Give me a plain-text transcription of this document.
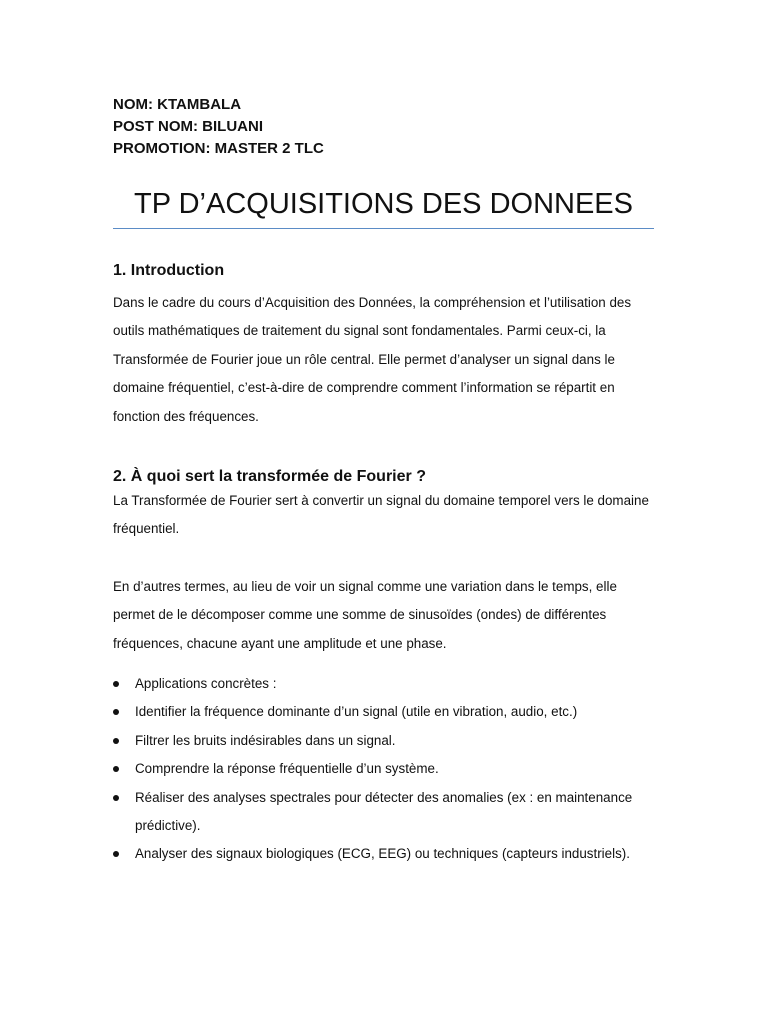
NOM: KTAMBALA
POST NOM: BILUANI
PROMOTION: MASTER 2 TLC
TP D’ACQUISITIONS DES DONNEES
1. Introduction

Dans le cadre du cours d’Acquisition des Données, la compréhension et l’utilisation des outils mathématiques de traitement du signal sont fondamentales. Parmi ceux-ci, la Transformée de Fourier joue un rôle central. Elle permet d’analyser un signal dans le domaine fréquentiel, c’est-à-dire de comprendre comment l’information se répartit en fonction des fréquences.

2. À quoi sert la transformée de Fourier ?

La Transformée de Fourier sert à convertir un signal du domaine temporel vers le domaine fréquentiel.

En d’autres termes, au lieu de voir un signal comme une variation dans le temps, elle permet de le décomposer comme une somme de sinusoïdes (ondes) de différentes fréquences, chacune ayant une amplitude et une phase.

Applications concrètes :
Identifier la fréquence dominante d’un signal (utile en vibration, audio, etc.)
Filtrer les bruits indésirables dans un signal.
Comprendre la réponse fréquentielle d’un système.
Réaliser des analyses spectrales pour détecter des anomalies (ex : en maintenance prédictive).
Analyser des signaux biologiques (ECG, EEG) ou techniques (capteurs industriels).
